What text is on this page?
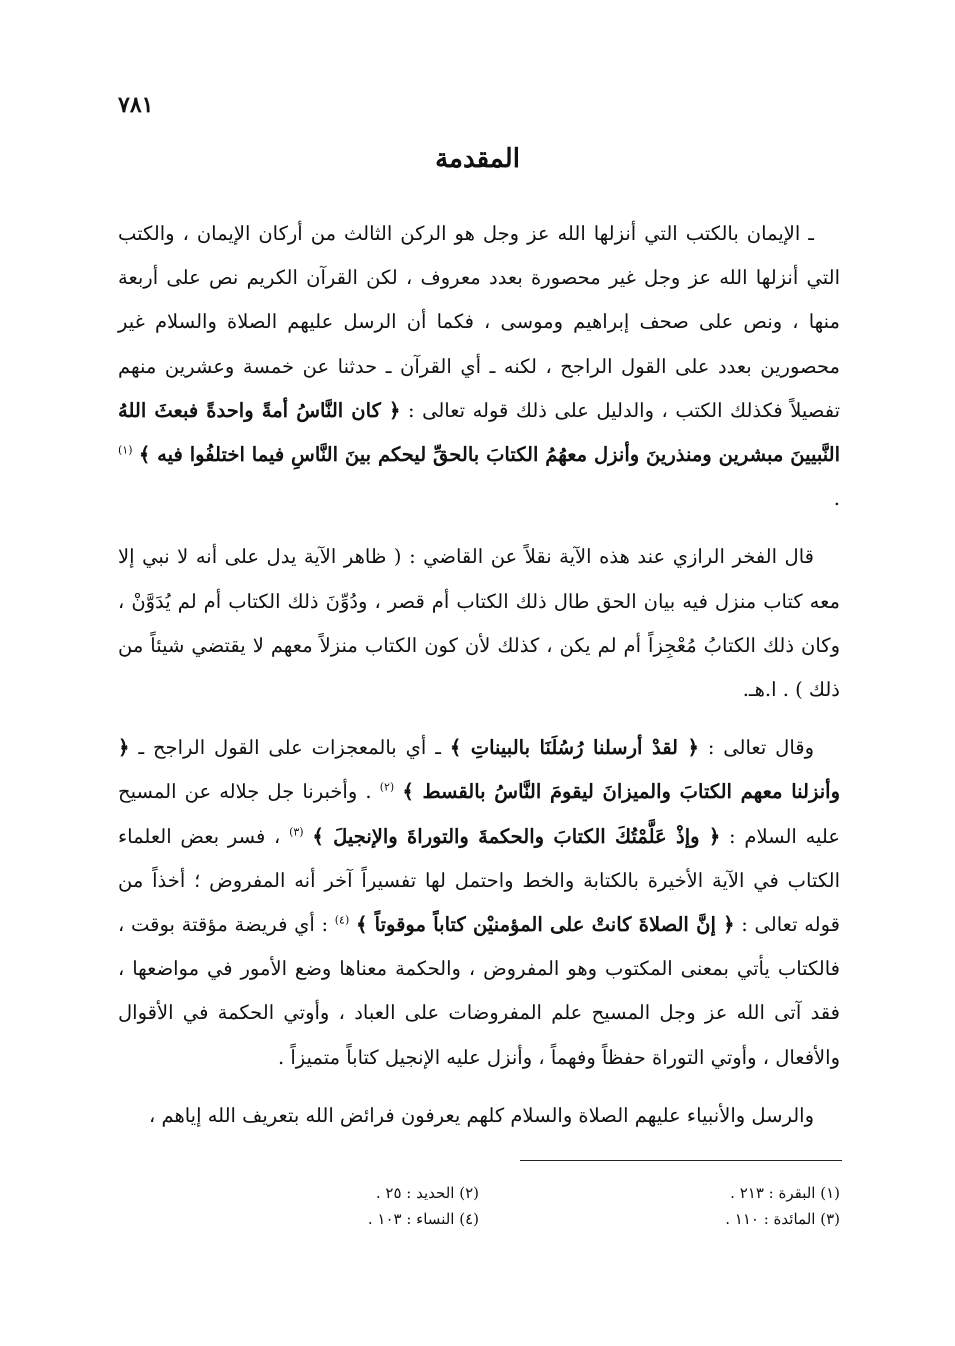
٧٨١
المقدمة

ـ الإيمان بالكتب التي أنزلها الله عز وجل هو الركن الثالث من أركان الإيمان ، والكتب التي أنزلها الله عز وجل غير محصورة بعدد معروف ، لكن القرآن الكريم نص على أربعة منها ، ونص على صحف إبراهيم وموسى ، فكما أن الرسل عليهم الصلاة والسلام غير محصورين بعدد على القول الراجح ، لكنه ـ أي القرآن ـ حدثنا عن خمسة وعشرين منهم تفصيلاً فكذلك الكتب ، والدليل على ذلك قوله تعالى : ﴿ كان النَّاسُ أمةً واحدةً فبعثَ اللهُ النَّبيينَ مبشرين ومنذرينَ وأنزل معهُمُ الكتابَ بالحقِّ ليحكم بينَ النَّاسِ فيما اختلفُوا فيه ﴾ $^{(١)}$ .

قال الفخر الرازي عند هذه الآية نقلاً عن القاضي : ( ظاهر الآية يدل على أنه لا نبي إلا معه كتاب منزل فيه بيان الحق طال ذلك الكتاب أم قصر ، ودُوِّنَ ذلك الكتاب أم لم يُدَوَّنْ ، وكان ذلك الكتابُ مُعْجِزاً أم لم يكن ، كذلك لأن كون الكتاب منزلاً معهم لا يقتضي شيئاً من ذلك ) . ا.هـ.

وقال تعالى : ﴿ لقدْ أرسلنا رُسُلَنَا بالبيناتِ ﴾ ـ أي بالمعجزات على القول الراجح ـ ﴿ وأنزلنا معهم الكتابَ والميزانَ ليقومَ النَّاسُ بالقسط ﴾ $^{(٢)}$ . وأخبرنا جل جلاله عن المسيح عليه السلام : ﴿ وإذْ عَلَّمْتُكَ الكتابَ والحكمةَ والتوراةَ والإنجيلَ ﴾ $^{(٣)}$ ، فسر بعض العلماء الكتاب في الآية الأخيرة بالكتابة والخط واحتمل لها تفسيراً آخر أنه المفروض ؛ أخذاً من قوله تعالى : ﴿ إنَّ الصلاةَ كانتْ على المؤمنيْن كتاباً موقوتاً ﴾ $^{(٤)}$ : أي فريضة مؤقتة بوقت ، فالكتاب يأتي بمعنى المكتوب وهو المفروض ، والحكمة معناها وضع الأمور في مواضعها ، فقد آتى الله عز وجل المسيح علم المفروضات على العباد ، وأوتي الحكمة في الأقوال والأفعال ، وأوتي التوراة حفظاً وفهماً ، وأنزل عليه الإنجيل كتاباً متميزاً .

والرسل والأنبياء عليهم الصلاة والسلام كلهم يعرفون فرائض الله بتعريف الله إياهم ،

(١) البقرة : ٢١٣ .
(٢) الحديد : ٢٥ .
(٣) المائدة : ١١٠ .
(٤) النساء : ١٠٣ .
